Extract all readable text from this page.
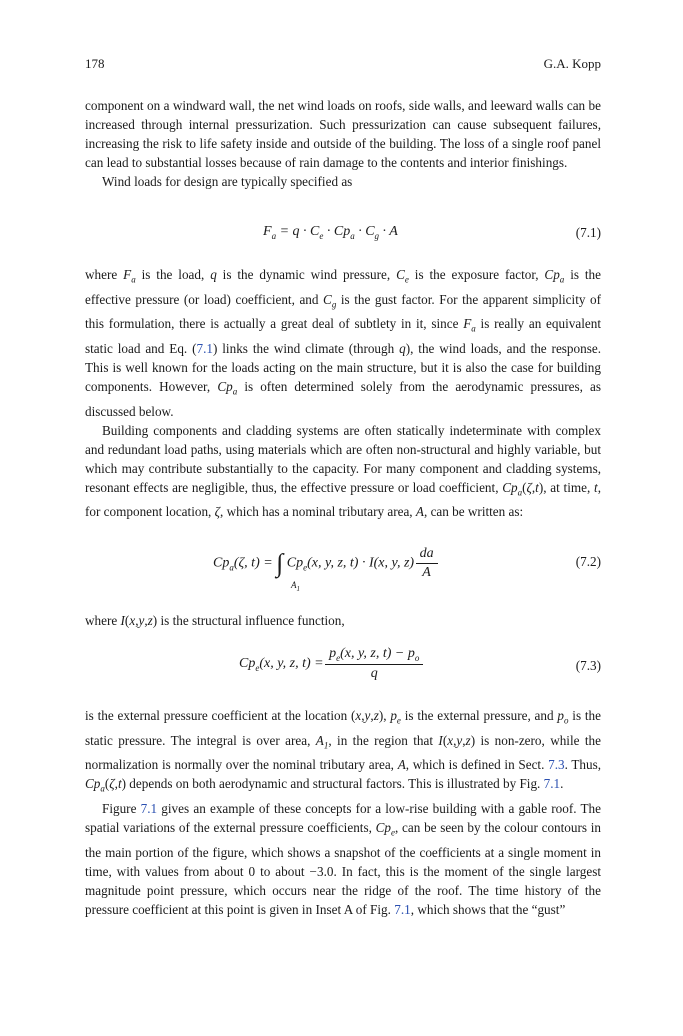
178	G.A. Kopp

component on a windward wall, the net wind loads on roofs, side walls, and leeward walls can be increased through internal pressurization. Such pressurization can cause subsequent failures, increasing the risk to life safety inside and outside of the building. The loss of a single roof panel can lead to substantial losses because of rain damage to the contents and interior finishings.

Wind loads for design are typically specified as

$F_a = q \cdot C_e \cdot Cp_a \cdot C_g \cdot A$	(7.1)

where $F_a$ is the load, q is the dynamic wind pressure, $C_e$ is the exposure factor, $Cp_a$ is the effective pressure (or load) coefficient, and $C_g$ is the gust factor. For the apparent simplicity of this formulation, there is actually a great deal of subtlety in it, since $F_a$ is really an equivalent static load and Eq. (7.1) links the wind climate (through q), the wind loads, and the response. This is well known for the loads acting on the main structure, but it is also the case for building components. However, $Cp_a$ is often determined solely from the aerodynamic pressures, as discussed below.

Building components and cladding systems are often statically indeterminate with complex and redundant load paths, using materials which are often non-structural and highly variable, but which may contribute substantially to the capacity. For many component and cladding systems, resonant effects are negligible, thus, the effective pressure or load coefficient, $Cp_a(\zeta,t)$, at time, t, for component location, ζ, which has a nominal tributary area, A, can be written as:

$Cp_a(\zeta$, t) = ∫ $Cp_e(x$, y, z, t) · I(x, y, $z) \frac{da}{A}$
$A_1$
(7.2)

where I(x,y,z) is the structural influence function,

$Cp_e(x$, y, z, $t) = \frac{p_e(x, y, z, t) - p_o}{q}$	(7.3)

is the external pressure coefficient at the location (x,y,z), $p_e$ is the external pressure, and $p_o$ is the static pressure. The integral is over area, $A_1$, in the region that I(x,y,z) is non-zero, while the normalization is normally over the nominal tributary area, A, which is defined in Sect. 7.3. Thus, $Cp_a(\zeta,t)$ depends on both aerodynamic and structural factors. This is illustrated by Fig. 7.1.

Figure 7.1 gives an example of these concepts for a low-rise building with a gable roof. The spatial variations of the external pressure coefficients, $Cp_e$, can be seen by the colour contours in the main portion of the figure, which shows a snapshot of the coefficients at a single moment in time, with values from about 0 to about −3.0. In fact, this is the moment of the single largest magnitude point pressure, which occurs near the ridge of the roof. The time history of the pressure coefficient at this point is given in Inset A of Fig. 7.1, which shows that the “gust”
